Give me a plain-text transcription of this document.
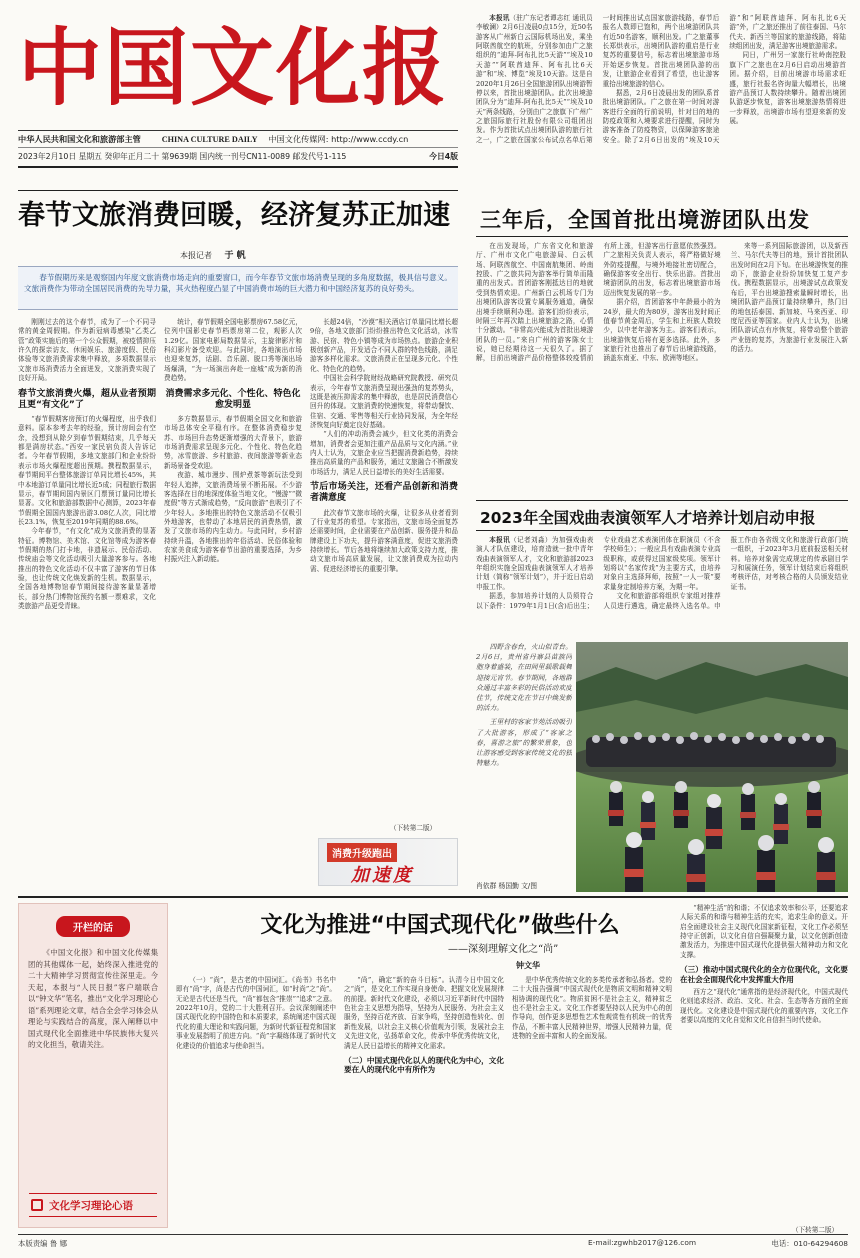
中国文化报
中华人民共和国文化和旅游部主管	CHINA CULTURE DAILY 中国文化传媒网: http://www.ccdy.cn
2023年2月10日 星期五 癸卯年正月二十 第9639期 国内统一刊号CN11-0089 邮发代号1-115	今日4版

本报讯（驻广东记者谭志红 通讯员李敏澜）2月6日凌晨0点15分，近50名游客从广州新白云国际机场出发，乘坐阿联酋航空的航班，分别参加由广之旅组织的“迪拜-阿布扎比5天游”“埃及10天游”“阿联酋迪拜、阿布扎比6天游”和“埃、博览”埃及10天游。这是自2020年1月26日全国旅游团队出境游暂停以来，首批出境游团队。此次出境游团队分为“迪拜-阿布扎比5天”“埃及10天”两条线路，分别由广之旅旗下广州广之旅国际旅行社股份有限公司组团出发。作为首批试点出境团队游的旅行社之一，广之旅在国家公布试点名单后第一时间推出试点国家旅游线路，春节后报名人数即已饱和，两个出境游团队共有近50名游客，顺利出发。广之旅董事长郑烘表示，出境团队游的重启是行业复苏的重要信号，标志着出境旅游市场开始逐步恢复。首批出境团队游的出发，让旅游企业看到了希望，也让游客重拾出境旅游的信心。

据悉，2月6日凌晨出发的团队系首批出境游团队。广之旅在第一时间对游客进行全面的行前说明，针对目的地的防疫政策和入境要求进行提醒，同时为游客准备了防疫物资，以保障游客旅途安全。除了2月6日出发的“埃及10天游”和“阿联酋迪拜、阿布扎比6天游”外，广之旅还推出了前往泰国、马尔代夫、新西兰等国家的旅游线路，将陆续组团出发，满足游客出境旅游需求。

同日，广州另一家旅行社岭南控股旗下广之旅也在2月6日启动出境游首团。据介绍，目前出境游市场需求旺盛，旅行社报名咨询量大幅增长，出境游产品预订人数持续攀升。随着出境团队游逐步恢复，游客出境旅游热情将进一步释放，出境游市场有望迎来新的发展。

三年后，全国首批出境游团队出发

在出发现场，广东省文化和旅游厅、广州市文化广电旅游局、白云机场、阿联酋航空、中国南航集团、岭南控股、广之旅共同为游客举行简单而隆重的出发式。首团游客刚抵达目的地就受到热情欢迎。广州新白云机场专门为出境团队游客设置专属服务通道，确保出境手续顺利办理。游客们纷纷表示，时隔三年再次踏上出境旅游之路，心情十分激动。“非常高兴能成为首批出境游团队的一员。”来自广州的游客陈女士说，她已经期待这一天很久了。据了解，目前出境游产品价格整体较疫情前有所上涨，但游客出行意愿依然强烈。广之旅相关负责人表示，将严格做好境外防疫提醒，与境外地接社密切配合，确保游客安全出行、快乐出游。首批出境游团队的出发，标志着出境旅游市场迈出恢复发展的第一步。

据介绍，首团游客中年龄最小的为24岁，最大的为80岁，游客出发时间正值春节黄金周后，学生和上班族人数较少，以中老年游客为主。游客们表示，出境游恢复后将有更多选择。此外，多家旅行社也推出了春节后出境游线路，涵盖东南亚、中东、欧洲等地区。

来等一系列国际旅游团，以及新西兰、马尔代夫等目的地，预计首批团队出发时间在2月下旬。在出境游恢复的推动下，旅游企业纷纷加快复工复产步伐。携程数据显示，出境游试点政策发布后，平台出境游搜索量瞬时增长，出境团队游产品预订量持续攀升，热门目的地包括泰国、新加坡、马来西亚、印度尼西亚等国家。业内人士认为，出境团队游试点有序恢复，将带动整个旅游产业链的复苏，为旅游行业发展注入新的活力。

春节文旅消费回暖，经济复苏正加速
本报记者 于 帆
春节假期历来是观察国内年度文旅消费市场走向的重要窗口，而今年春节文旅市场消费呈现的多角度数据，极具信号意义。文旅消费作为带动全国居民消费的先导力量，其火热程度凸显了中国消费市场的巨大潜力和中国经济复苏的良好势头。

刚刚过去的这个春节，成为了一个不同寻常的黄金周假期。作为新冠病毒感染“乙类乙管”政策实施后的第一个公众假期，被疫情抑压许久的探亲访友、休闲娱乐、旅游度假、民俗体验等文旅消费需求集中释放，多项数据显示文旅市场消费活力全面迸发，文旅消费实现了良好开局。

春节文旅消费火爆，超从业者预期且更“有文化”了

“春节假期客房预订的火爆程度，出乎我们意料。原本参考去年的经验，预计房间会有空余，没想到从除夕到春节假期结束，几乎每天都是满房状态。”西安一家民宿负责人告诉记者。今年春节假期，多地文旅部门和企业纷纷表示市场火爆程度超出预期。携程数据显示，春节期间平台整体旅游订单同比增长45%，其中本地游订单量同比增长近5成；同程旅行数据显示，春节期间国内景区门票预订量同比增长显著。文化和旅游部数据中心测算，2023年春节假期全国国内旅游出游3.08亿人次，同比增长23.1%，恢复至2019年同期的88.6%。

今年春节，“有文化”成为文旅消费的显著特征。博物馆、美术馆、文化馆等成为游客春节假期的热门打卡地，非遗展示、民俗活动、传统庙会等文化活动吸引大量游客参与。各地推出的特色文化活动不仅丰富了游客的节日体验，也让传统文化焕发新的生机。数据显示，全国各地博物馆春节期间接待游客量显著增长，部分热门博物馆预约名额一票难求，文化类旅游产品更受青睐。

统计，春节假期全国电影票房67.58亿元，位列中国影史春节档票房第二位，观影人次1.29亿。国家电影局数据显示，主旋律影片和科幻影片备受欢迎。与此同时，各地演出市场也迎来复苏，话剧、音乐剧、脱口秀等演出场场爆满，“为一场演出奔赴一座城”成为新的消费趋势。

消费需求多元化、个性化、特色化愈发明显

多方数据显示，春节假期全国文化和旅游市场总体安全平稳有序。在整体消费稳步复苏、市场回升态势逐渐增强的大背景下，旅游市场消费需求呈现多元化、个性化、特色化趋势，冰雪旅游、乡村旅游、夜间旅游等新业态新场景备受欢迎。

夜游、城市漫步、围炉煮茶等新玩法受到年轻人追捧，文旅消费场景不断拓展。不少游客选择在目的地深度体验当地文化，“慢游”“微度假”等方式渐成趋势，“反向旅游”也吸引了不少年轻人。多地推出的特色文旅活动不仅吸引外地游客，也带动了本地居民的消费热情，激发了文旅市场的内生动力。与此同时，乡村游持续升温，各地推出的年俗活动、民俗体验和农家美食成为游客春节出游的重要选择，为乡村振兴注入新动能。

长超24倍，“沙漠”相关酒店订单量同比增长超9倍，各地文旅部门纷纷推出特色文化活动，冰雪游、民宿、特色小镇等成为市场热点。旅游企业积极创新产品，开发适合不同人群的特色线路，满足游客多样化需求。文旅消费正在呈现多元化、个性化、特色化的趋势。

中国社会科学院财经战略研究院教授、研究员表示，今年春节文旅消费呈现出强劲的复苏势头，这既是被压抑需求的集中释放，也是居民消费信心回升的体现。文旅消费的快速恢复，将带动餐饮、住宿、交通、零售等相关行业协同发展，为全年经济恢复向好奠定良好基础。

“人们的冲动消费会减少，但文化类的消费会增加，消费者会更加注重产品品质与文化内涵。”业内人士认为，文旅企业应当把握消费新趋势，持续推出高质量的产品和服务，通过文旅融合不断激发市场活力，满足人民日益增长的美好生活需要。

节后市场关注，还看产品创新和消费者满意度

此次春节文旅市场的火爆，让很多从业者看到了行业复苏的希望。专家指出，文旅市场全面复苏还需要时间，企业需要在产品创新、服务提升和品牌建设上下功夫，提升游客满意度，促进文旅消费持续增长。节后各地将继续加大政策支持力度，推动文旅市场高质量发展，让文旅消费成为拉动内需、促进经济增长的重要引擎。

（下转第二版）
消费升级跑出
加速度
2023年全国戏曲表演领军人才培养计划启动申报

本报讯（记者刘淼）为加强戏曲表演人才队伍建设，培育造就一批中青年戏曲表演领军人才，文化和旅游部2023年组织实施全国戏曲表演领军人才培养计划（简称“领军计划”），并于近日启动申报工作。

据悉，参加培养计划的人员须符合以下条件：1979年1月1日(含)后出生；专业戏曲艺术表演团体在职演员（不含学校师生）；一般应具有戏曲表演专业高级职称，或获得过国家级奖项。领军计划将以“名家传戏”为主要方式，由培养对象自主选择拜师，按照“一人一策”要求量身定制培养方案，为期一年。

文化和旅游部将组织专家组对推荐人员进行遴选，确定最终入选名单。申报工作由各省级文化和旅游行政部门统一组织，于2023年3月底前报送相关材料。培养对象需完成规定的传承剧目学习和展演任务，领军计划结束后将组织考核评估，对考核合格的人员颁发结业证书。

四野含春台，火山似青台。2月6日，贵州省丹寨县苗族同胞身着盛装，在田间里载歌载舞迎接元宵节。春节期间，各地群众通过丰富多彩的民俗活动欢度佳节，传统文化在节日中焕发新的活力。
王里村的客家节苑活动吸引了大批游客，形成了“客家之春，喜游之旅”的繁荣景象，也让游客感受到客家传统文化的独特魅力。
肖依群 杨国勤 文/图
开栏的话
《中国文化报》和中国文化传媒集团的其他媒体一起，始终深入推进党的二十大精神学习贯彻宣传往深里走。今天起，本报与“人民日报”客户端联合以“钟文华”笔名，推出“文化学习理论心语”系列理论文章，结合全会学习体会从理论与实践结合的高度，深入阐释以中国式现代化全面推进中华民族伟大复兴的文化担当，敬请关注。
文化学习理论心语
文化为推进“中国式现代化”做些什么
——深刻理解文化之“尚”
钟文华

（一）“尚”，是古老的中国词汇。《尚书》书名中即有“尚”字，尚是古代的中国词汇，如“时尚”之“尚”。无论是古代还是当代，“尚”都包含“推崇”“追求”之意。2022年10月，党的二十大胜利召开。会议深刻阐述中国式现代化的中国特色和本质要求，系统阐述中国式现代化的重大理论和实践问题，为新时代新征程党和国家事业发展指明了前进方向。“尚”字凝练体现了新时代文化建设的价值追求与使命担当。

“尚”，确定“新的奋斗目标”。认清今日中国文化之“尚”，是文化工作实现自身使命、把握文化发展规律的前提。新时代文化建设，必须以习近平新时代中国特色社会主义思想为指导，坚持为人民服务、为社会主义服务，坚持百花齐放、百家争鸣，坚持创造性转化、创新性发展，以社会主义核心价值观为引领，发展社会主义先进文化，弘扬革命文化，传承中华优秀传统文化，满足人民日益增长的精神文化需求。

（二）中国式现代化以人的现代化为中心，文化要在人的现代化中有所作为

是中华优秀传统文化的多类传承者和弘扬者。党的二十大报告强调“中国式现代化是物质文明和精神文明相协调的现代化”。物质贫困不是社会主义，精神贫乏也不是社会主义。文化工作者要坚持以人民为中心的创作导向，创作更多思想性艺术性观赏性有机统一的优秀作品，不断丰富人民精神世界，增强人民精神力量，促进物的全面丰富和人的全面发展。

“精神生活”的和谐；不仅追求效率和公平，还要追求人际关系的和谐与精神生活的充实，追求生命的意义。开启全面建设社会主义现代化国家新征程，文化工作必须坚持守正创新，以文化自信自强凝聚力量，以文化创新创造激发活力，为推进中国式现代化提供强大精神动力和文化支撑。

（三）推动中国式现代化的全方位现代化，文化要在社会全面现代化中发挥重大作用

西方之“现代化”通常指的是经济现代化，中国式现代化则追求经济、政治、文化、社会、生态等各方面的全面现代化。文化建设是中国式现代化的重要内容，文化工作者要以高度的文化自觉和文化自信担当时代使命。

（下转第二版）
本版责编 鲁 娜	E-mail:zgwhb2017@126.com	电话：010-64294608
